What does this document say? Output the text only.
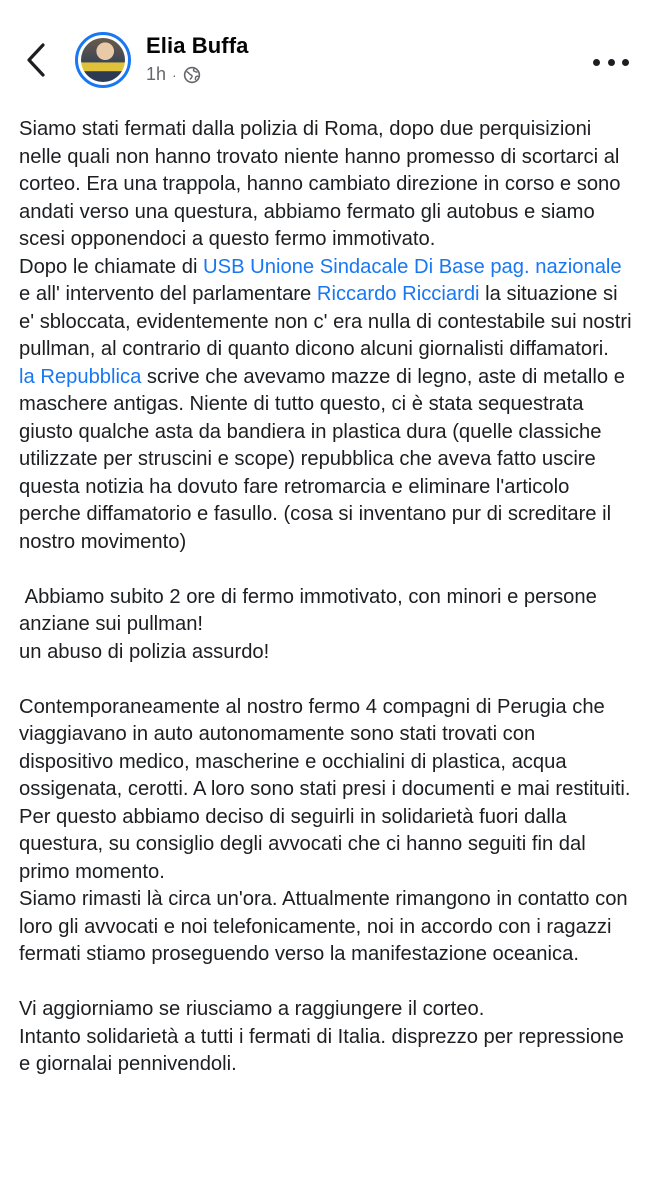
Elia Buffa
1h ·

Siamo stati fermati dalla polizia di Roma, dopo due perquisizioni nelle quali non hanno trovato niente hanno promesso di scortarci al corteo. Era una trappola, hanno cambiato direzione in corso e sono andati verso una questura, abbiamo fermato gli autobus e siamo scesi opponendoci a questo fermo immotivato.

Dopo le chiamate di USB Unione Sindacale Di Base pag. nazionale e all' intervento del parlamentare Riccardo Ricciardi la situazione si e' sbloccata, evidentemente non c' era nulla di contestabile sui nostri pullman, al contrario di quanto dicono alcuni giornalisti diffamatori.

la Repubblica scrive che avevamo mazze di legno, aste di metallo e maschere antigas. Niente di tutto questo, ci è stata sequestrata giusto qualche asta da bandiera in plastica dura (quelle classiche utilizzate per struscini e scope) repubblica che aveva fatto uscire questa notizia ha dovuto fare retromarcia e eliminare l'articolo perche diffamatorio e fasullo. (cosa si inventano pur di screditare il nostro movimento)

Abbiamo subito 2 ore di fermo immotivato, con minori e persone anziane sui pullman!

un abuso di polizia assurdo!

Contemporaneamente al nostro fermo 4 compagni di Perugia che viaggiavano in auto autonomamente sono stati trovati con dispositivo medico, mascherine e occhialini di plastica, acqua ossigenata, cerotti. A loro sono stati presi i documenti e mai restituiti. Per questo abbiamo deciso di seguirli in solidarietà fuori dalla questura, su consiglio degli avvocati che ci hanno seguiti fin dal primo momento.

Siamo rimasti là circa un'ora. Attualmente rimangono in contatto con loro gli avvocati e noi telefonicamente, noi in accordo con i ragazzi fermati stiamo proseguendo verso la manifestazione oceanica.

Vi aggiorniamo se riusciamo a raggiungere il corteo.

Intanto solidarietà a tutti i fermati di Italia. disprezzo per repressione e giornalai pennivendoli.
